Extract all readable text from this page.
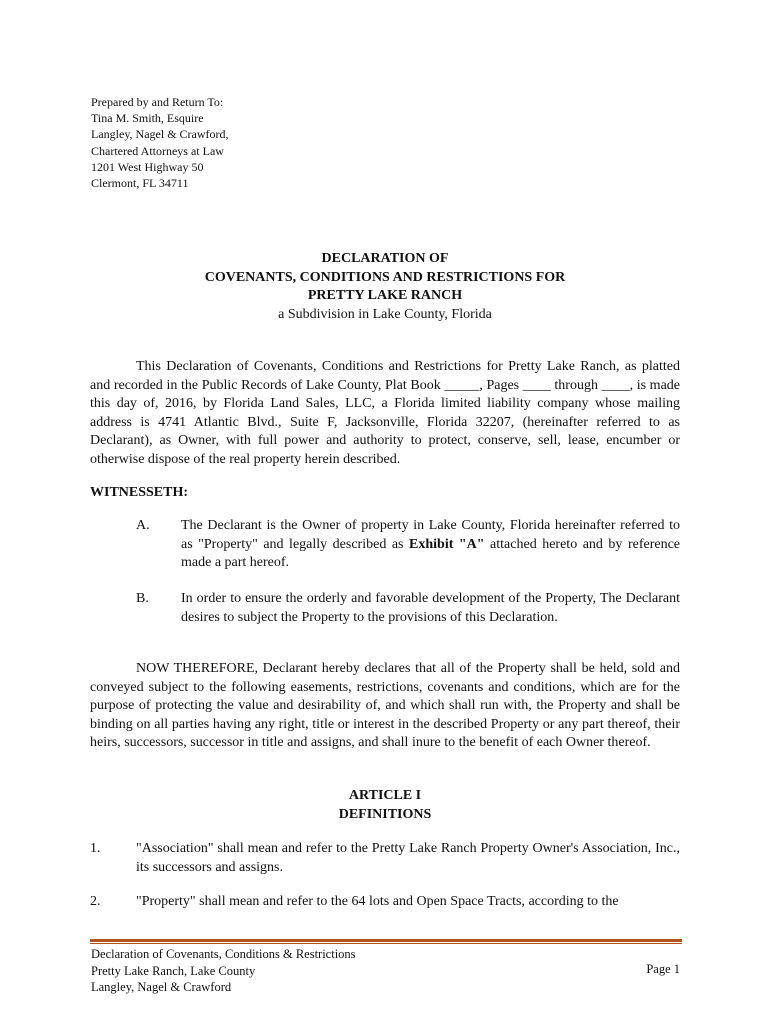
Prepared by and Return To:
Tina M. Smith, Esquire
Langley, Nagel & Crawford,
Chartered Attorneys at Law
1201 West Highway 50
Clermont, FL 34711
DECLARATION OF
COVENANTS, CONDITIONS AND RESTRICTIONS FOR
PRETTY LAKE RANCH
a Subdivision in Lake County, Florida
This Declaration of Covenants, Conditions and Restrictions for Pretty Lake Ranch, as platted and recorded in the Public Records of Lake County, Plat Book _____, Pages ____ through ____, is made this day of, 2016, by Florida Land Sales, LLC, a Florida limited liability company whose mailing address is 4741 Atlantic Blvd., Suite F, Jacksonville, Florida 32207, (hereinafter referred to as Declarant), as Owner, with full power and authority to protect, conserve, sell, lease, encumber or otherwise dispose of the real property herein described.
WITNESSETH:
A. The Declarant is the Owner of property in Lake County, Florida hereinafter referred to as "Property" and legally described as Exhibit "A" attached hereto and by reference made a part hereof.
B. In order to ensure the orderly and favorable development of the Property, The Declarant desires to subject the Property to the provisions of this Declaration.
NOW THEREFORE, Declarant hereby declares that all of the Property shall be held, sold and conveyed subject to the following easements, restrictions, covenants and conditions, which are for the purpose of protecting the value and desirability of, and which shall run with, the Property and shall be binding on all parties having any right, title or interest in the described Property or any part thereof, their heirs, successors, successor in title and assigns, and shall inure to the benefit of each Owner thereof.
ARTICLE I
DEFINITIONS
1.	"Association" shall mean and refer to the Pretty Lake Ranch Property Owner's Association, Inc., its successors and assigns.
2.	"Property" shall mean and refer to the 64 lots and Open Space Tracts, according to the
Declaration of Covenants, Conditions & Restrictions
Pretty Lake Ranch, Lake County
Langley, Nagel & Crawford
Page 1
